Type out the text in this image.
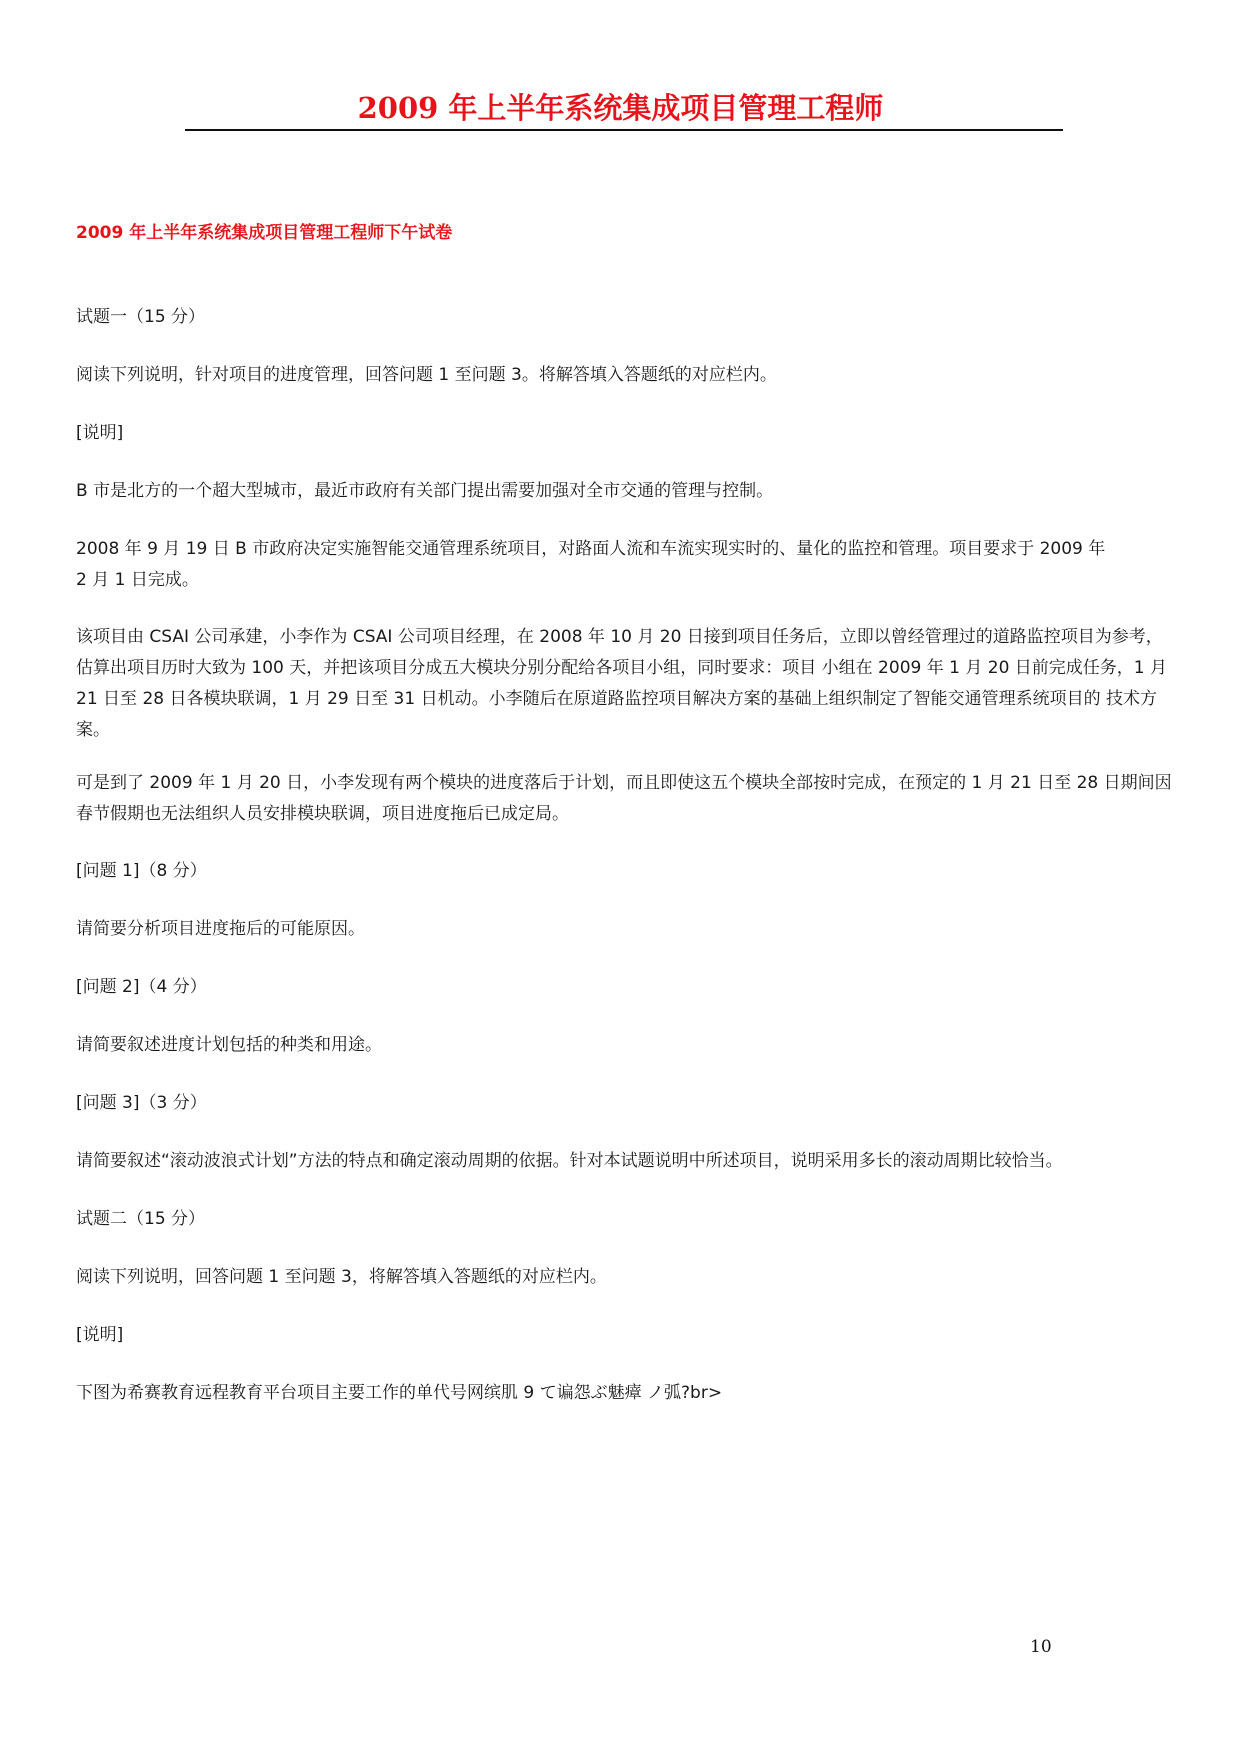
2009 年上半年系统集成项目管理工程师
2009 年上半年系统集成项目管理工程师下午试卷
试题一（15 分）
阅读下列说明，针对项目的进度管理，回答问题 1 至问题 3。将解答填入答题纸的对应栏内。
[说明]
B 市是北方的一个超大型城市，最近市政府有关部门提出需要加强对全市交通的管理与控制。
2008 年 9 月 19 日 B 市政府决定实施智能交通管理系统项目，对路面人流和车流实现实时的、量化的监控和管理。项目要求于 2009 年 2 月 1 日完成。
该项目由 CSAI 公司承建，小李作为 CSAI 公司项目经理，在 2008 年 10 月 20 日接到项目任务后，立即以曾经管理过的道路监控项目为参考，估算出项目历时大致为 100 天，并把该项目分成五大模块分别分配给各项目小组，同时要求：项目 小组在 2009 年 1 月 20 日前完成任务，1 月 21 日至 28 日各模块联调，1 月 29 日至 31 日机动。小李随后在原道路监控项目解决方案的基础上组织制定了智能交通管理系统项目的 技术方案。
可是到了 2009 年 1 月 20 日，小李发现有两个模块的进度落后于计划，而且即使这五个模块全部按时完成，在预定的 1 月 21 日至 28 日期间因春节假期也无法组织人员安排模块联调，项目进度拖后已成定局。
[问题 1]（8 分）
请简要分析项目进度拖后的可能原因。
[问题 2]（4 分）
请简要叙述进度计划包括的种类和用途。
[问题 3]（3 分）
请简要叙述“滚动波浪式计划”方法的特点和确定滚动周期的依据。针对本试题说明中所述项目，说明采用多长的滚动周期比较恰当。
试题二（15 分）
阅读下列说明，回答问题 1 至问题 3，将解答填入答题纸的对应栏内。
[说明]
下图为希赛教育远程教育平台项目主要工作的单代号网缤肌 9 て谝怨ぶ魅瘴 ノ弧?br>
10
